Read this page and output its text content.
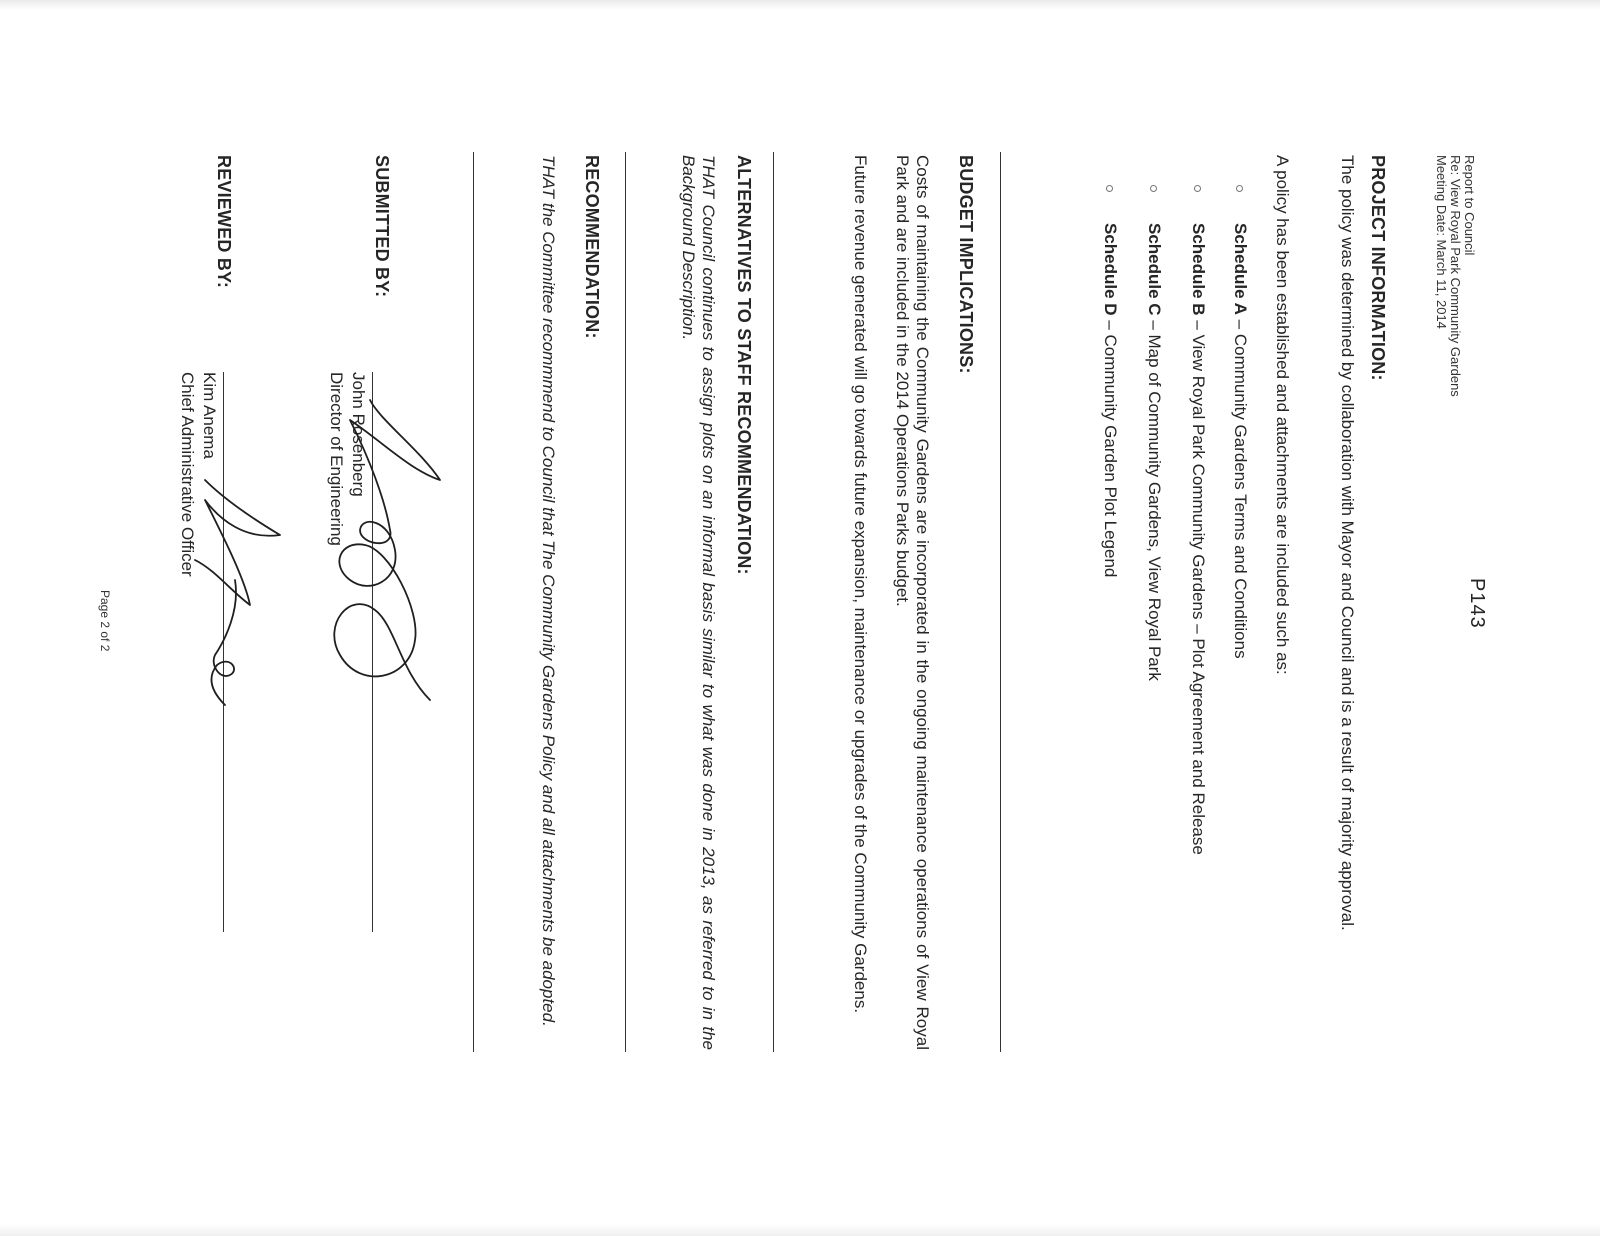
Report to Council
Re: View Royal Park Community Gardens
Meeting Date: March 11, 2014
P143
PROJECT INFORMATION:
The policy was determined by collaboration with Mayor and Council and is a result of majority approval.
A policy has been established and attachments are included such as:
Schedule A – Community Gardens Terms and Conditions
Schedule B – View Royal Park Community Gardens – Plot Agreement and Release
Schedule C – Map of Community Gardens, View Royal Park
Schedule D – Community Garden Plot Legend
BUDGET IMPLICATIONS:
Costs of maintaining the Community Gardens are incorporated in the ongoing maintenance operations of View Royal Park and are included in the 2014 Operations Parks budget.
Future revenue generated will go towards future expansion, maintenance or upgrades of the Community Gardens.
ALTERNATIVES TO STAFF RECOMMENDATION:
THAT Council continues to assign plots on an informal basis similar to what was done in 2013, as referred to in the Background Description.
RECOMMENDATION:
THAT the Committee recommmend to Council that The Community Gardens Policy and all attachments be adopted.
SUBMITTED BY:
John Rosenberg
Director of Engineering
REVIEWED BY:
Kim Anema
Chief Administrative Officer
Page 2 of 2
